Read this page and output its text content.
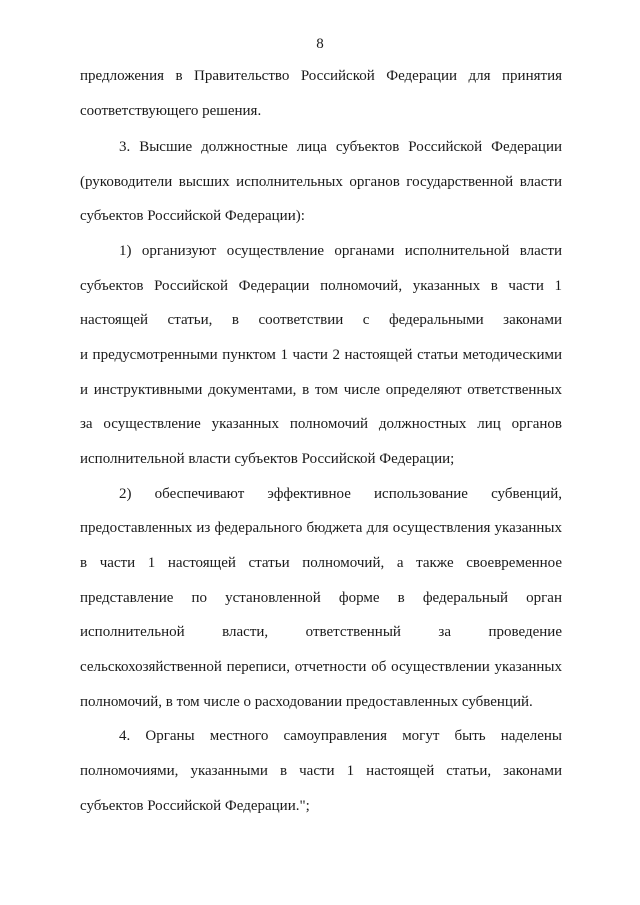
8
предложения в Правительство Российской Федерации для принятия
соответствующего решения.
3. Высшие должностные лица субъектов Российской Федерации
(руководители высших исполнительных органов государственной власти
субъектов Российской Федерации):
1) организуют осуществление органами исполнительной власти
субъектов Российской Федерации полномочий, указанных в части 1
настоящей статьи, в соответствии с федеральными законами
и предусмотренными пунктом 1 части 2 настоящей статьи методическими
и инструктивными документами, в том числе определяют ответственных
за осуществление указанных полномочий должностных лиц органов
исполнительной власти субъектов Российской Федерации;
2) обеспечивают эффективное использование субвенций,
предоставленных из федерального бюджета для осуществления указанных
в части 1 настоящей статьи полномочий, а также своевременное
представление по установленной форме в федеральный орган
исполнительной власти, ответственный за проведение
сельскохозяйственной переписи, отчетности об осуществлении указанных
полномочий, в том числе о расходовании предоставленных субвенций.
4. Органы местного самоуправления могут быть наделены
полномочиями, указанными в части 1 настоящей статьи, законами
субъектов Российской Федерации.";
